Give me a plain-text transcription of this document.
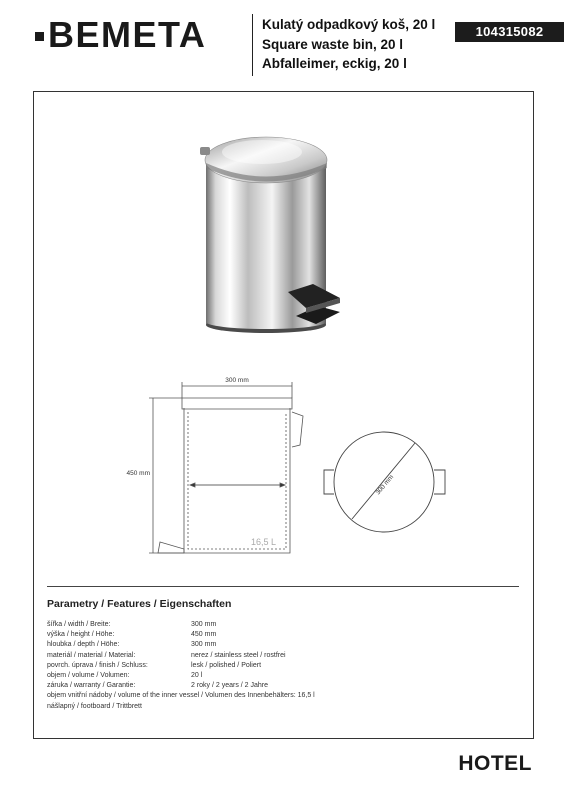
BEMETA	Kulatý odpadkový koš, 20 l
Square waste bin, 20 l
Abfalleimer, eckig, 20 l
104315082
300 mm
450 mm
16,5 L
300 mm
Parametry / Features / Eigenschaften
šířka / width / Breite:	300 mm
výška / height / Höhe:	450 mm
hloubka / depth / Höhe:	300 mm
materiál / material / Material:	nerez / stainless steel / rostfrei
povrch. úprava / finish / Schluss:	lesk / polished / Poliert
objem / volume / Volumen:	20 l
záruka / warranty / Garantie:	2 roky / 2 years / 2 Jahre
objem vnitřní nádoby / volume of the inner vessel / Volumen des Innenbehälters: 16,5 l
nášlapný / footboard / Trittbrett
HOTEL
